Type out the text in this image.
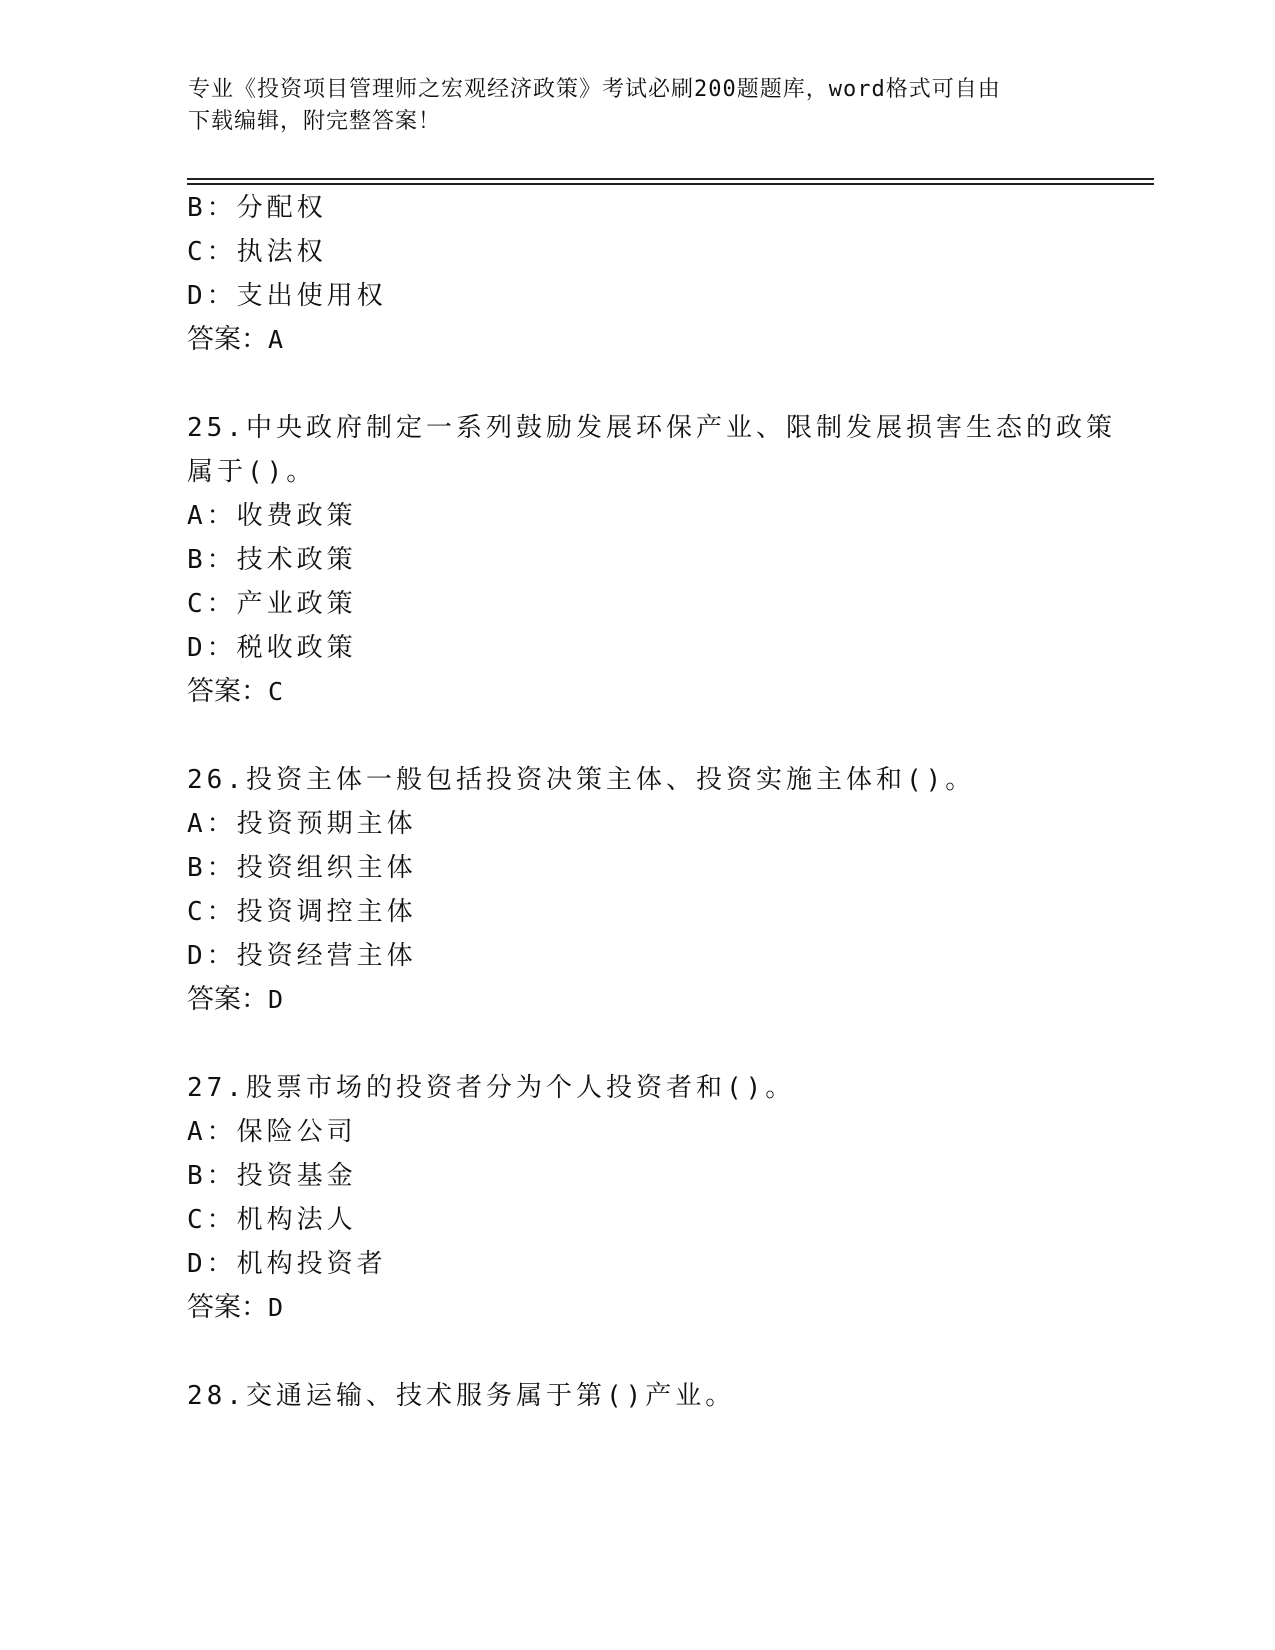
专业《投资项目管理师之宏观经济政策》考试必刷200题题库，word格式可自由
下载编辑，附完整答案！
B：分配权
C：执法权
D：支出使用权
答案：A
25.中央政府制定一系列鼓励发展环保产业、限制发展损害生态的政策
属于()。
A：收费政策
B：技术政策
C：产业政策
D：税收政策
答案：C
26.投资主体一般包括投资决策主体、投资实施主体和()。
A：投资预期主体
B：投资组织主体
C：投资调控主体
D：投资经营主体
答案：D
27.股票市场的投资者分为个人投资者和()。
A：保险公司
B：投资基金
C：机构法人
D：机构投资者
答案：D
28.交通运输、技术服务属于第()产业。
